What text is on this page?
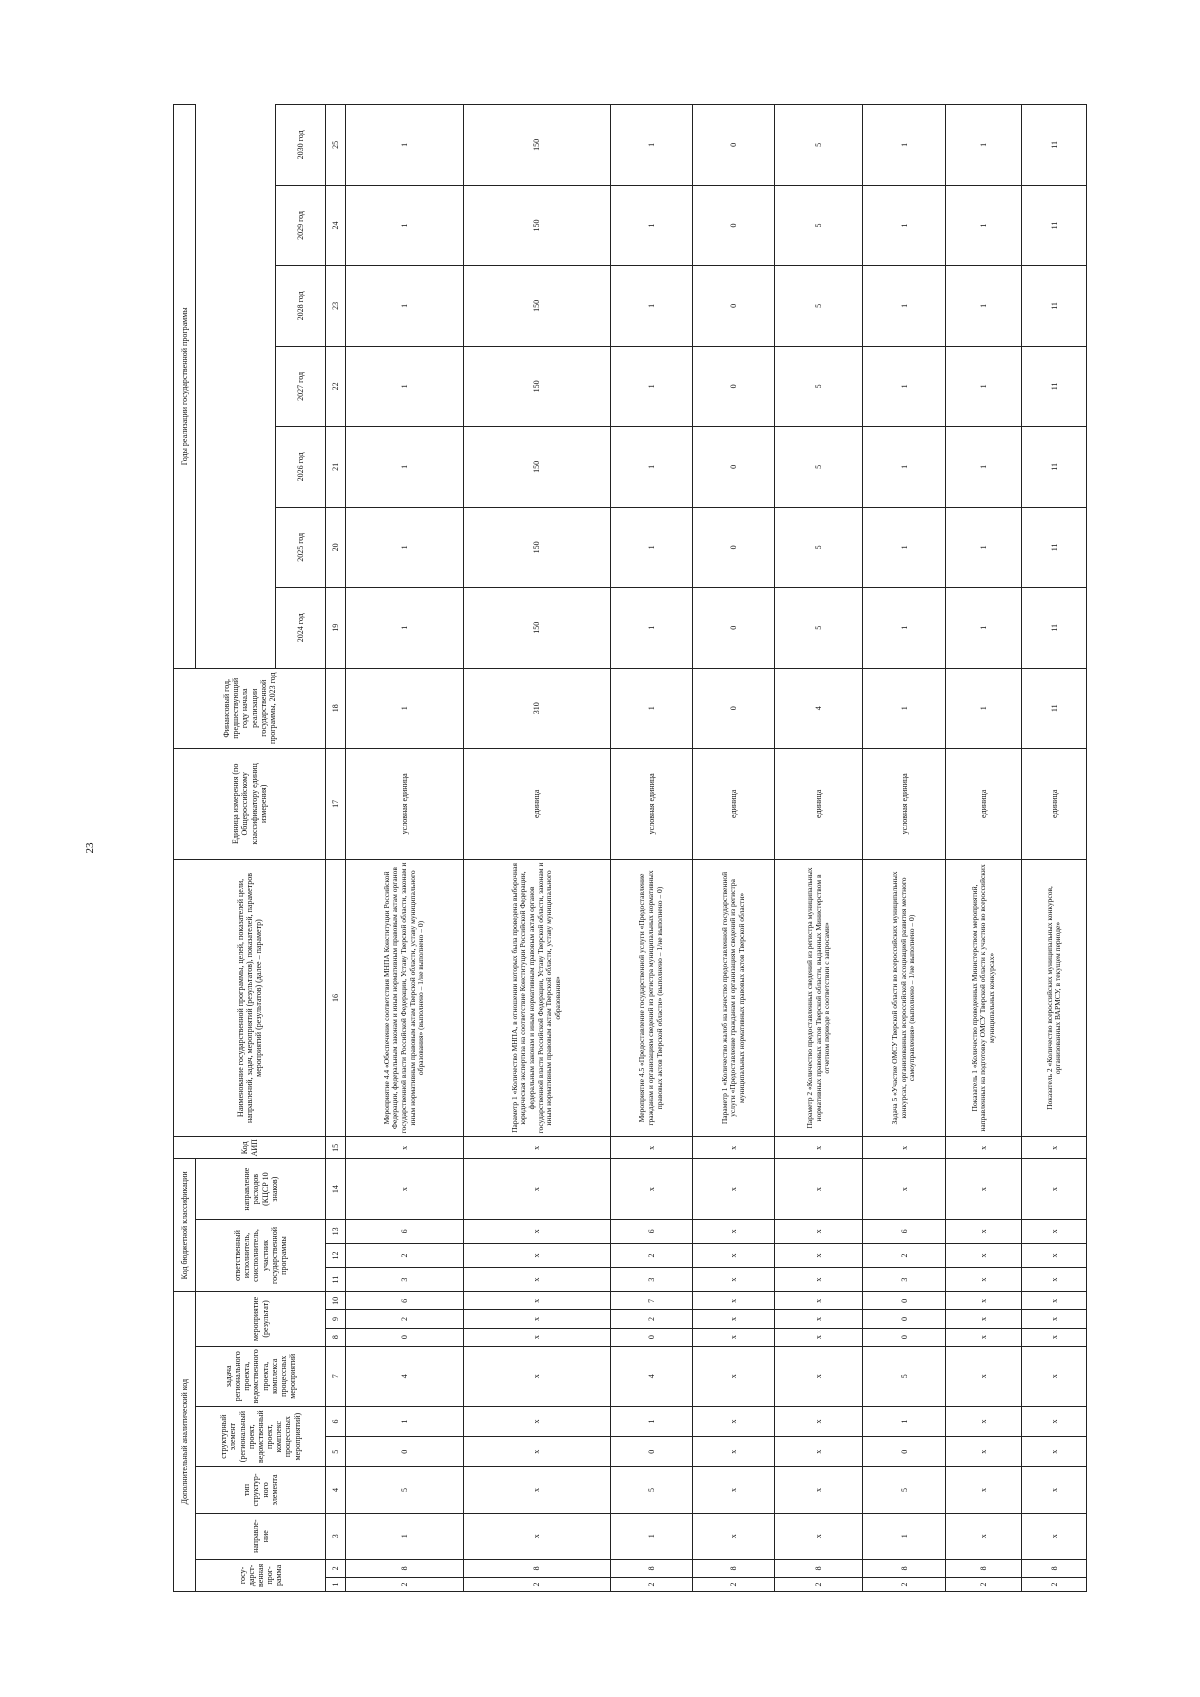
23
Дополнительный аналитический код										Код бюджетной классификации				Код АИП	Наименование государственной программы, целей, показателей цели, направлений, задач, мероприятий (результатов), показателей, параметров мероприятий (результатов) (далее – параметр)	Единица измерения (по Общероссийскому классификатору единиц измерения)	Финансовый год, предшествующий году начала реализации государственной программы, 2023 год	Годы реализации государственной программы						
госу-дарст-венная прог-рамма		направле-ние	тип структур-ного элемента	структурный элемент (региональный проект, ведомственный проект, комплекс процессных мероприятий)		задача регионального проекта, ведомственного проекта, комплекса процессных мероприятий	мероприятие (результат)			ответственный исполнитель, соисполнитель, участник государственной программы			направление расходов (КЦСР 10 знаков)											
																		2024 год	2025 год	2026 год	2027 год	2028 год	2029 год	2030 год
1	2	3	4	5	6	7	8	9	10	11	12	13	14	15	16	17	18	19	20	21	22	23	24	25
2	8	1	5	0	1	4	0	2	6	3	2	6	x	x	Мероприятие 4.4 «Обеспечение соответствия МНПА Конституции Российской Федерации, федеральным законам и иным нормативным правовым актам органов государственной власти Российской Федерации, Уставу Тверской области, законам и иным нормативным правовым актам Тверской области, уставу муниципального образования» (выполнено – 1/не выполнено – 0)	условная единица	1	1	1	1	1	1	1	1
2	8	x	x	x	x	x	x	x	x	x	x	x	x	x	Параметр 1 «Количество МНПА, в отношении которых была проведена выборочная юридическая экспертиза на соответствие Конституции Российской Федерации, федеральным законам и иным нормативным правовым актам органов государственной власти Российской Федерации, Уставу Тверской области, законам и иным нормативным правовым актам Тверской области, уставу муниципального образования»	единица	310	150	150	150	150	150	150	150
2	8	1	5	0	1	4	0	2	7	3	2	6	x	x	Мероприятие 4.5 «Предоставление государственной услуги «Предоставление гражданам и организациям сведений из регистра муниципальных нормативных правовых актов Тверской области» (выполнено – 1/не выполнено – 0)	условная единица	1	1	1	1	1	1	1	1
2	8	x	x	x	x	x	x	x	x	x	x	x	x	x	Параметр 1 «Количество жалоб на качество предоставленной государственной услуги «Предоставление гражданам и организациям сведений из регистра муниципальных нормативных правовых актов Тверской области»	единица	0	0	0	0	0	0	0	0
2	8	x	x	x	x	x	x	x	x	x	x	x	x	x	Параметр 2 «Количество предоставленных сведений из регистра муниципальных нормативных правовых актов Тверской области, выданных Министерством в отчетном периоде в соответствии с запросами»	единица	4	5	5	5	5	5	5	5
2	8	1	5	0	1	5	0	0	0	3	2	6	x	x	Задача 5 «Участие ОМСУ Тверской области во всероссийских муниципальных конкурсах, организованных всероссийской ассоциацией развития местного самоуправления» (выполнено – 1/не выполнено – 0)	условная единица	1	1	1	1	1	1	1	1
2	8	x	x	x	x	x	x	x	x	x	x	x	x	x	Показатель 1 «Количество проведенных Министерством мероприятий, направленных на подготовку ОМСУ Тверской области к участию во всероссийских муниципальных конкурсах»	единица	1	1	1	1	1	1	1	1
2	8	x	x	x	x	x	x	x	x	x	x	x	x	x	Показатель 2 «Количество всероссийских муниципальных конкурсов, организованных ВАРМСУ, в текущем периоде»	единица	11	11	11	11	11	11	11	11
